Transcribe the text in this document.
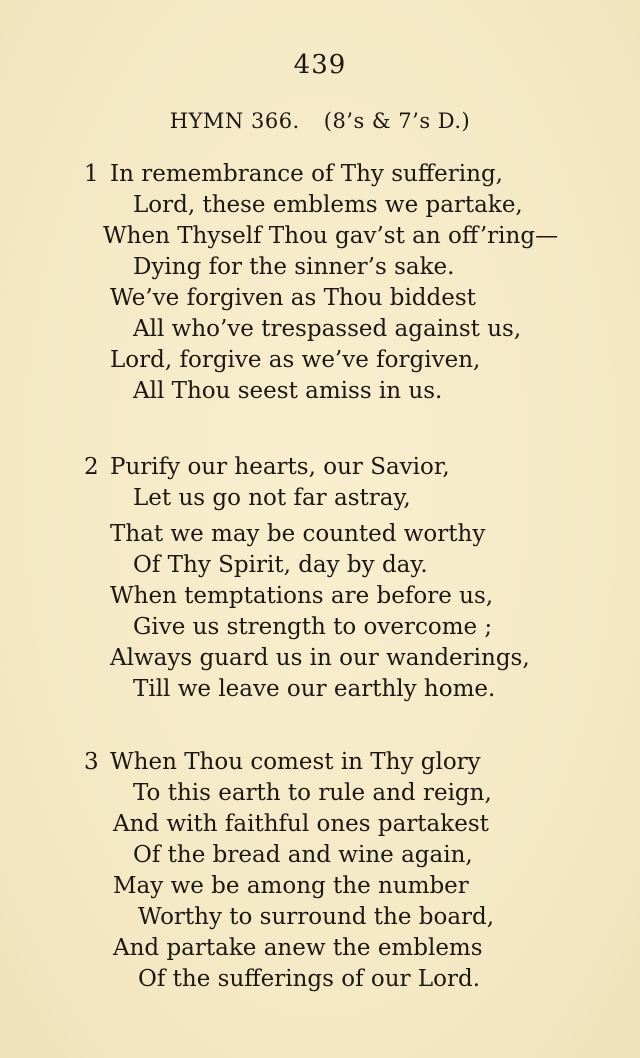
439
HYMN 366. (8’s & 7’s D.)
1 In remembrance of Thy suffering,
Lord, these emblems we partake,
When Thyself Thou gav’st an off’ring—
Dying for the sinner’s sake.
We’ve forgiven as Thou biddest
All who’ve trespassed against us,
Lord, forgive as we’ve forgiven,
All Thou seest amiss in us.
2 Purify our hearts, our Savior,
Let us go not far astray,
That we may be counted worthy
Of Thy Spirit, day by day.
When temptations are before us,
Give us strength to overcome ;
Always guard us in our wanderings,
Till we leave our earthly home.
3 When Thou comest in Thy glory
To this earth to rule and reign,
And with faithful ones partakest
Of the bread and wine again,
May we be among the number
Worthy to surround the board,
And partake anew the emblems
Of the sufferings of our Lord.
